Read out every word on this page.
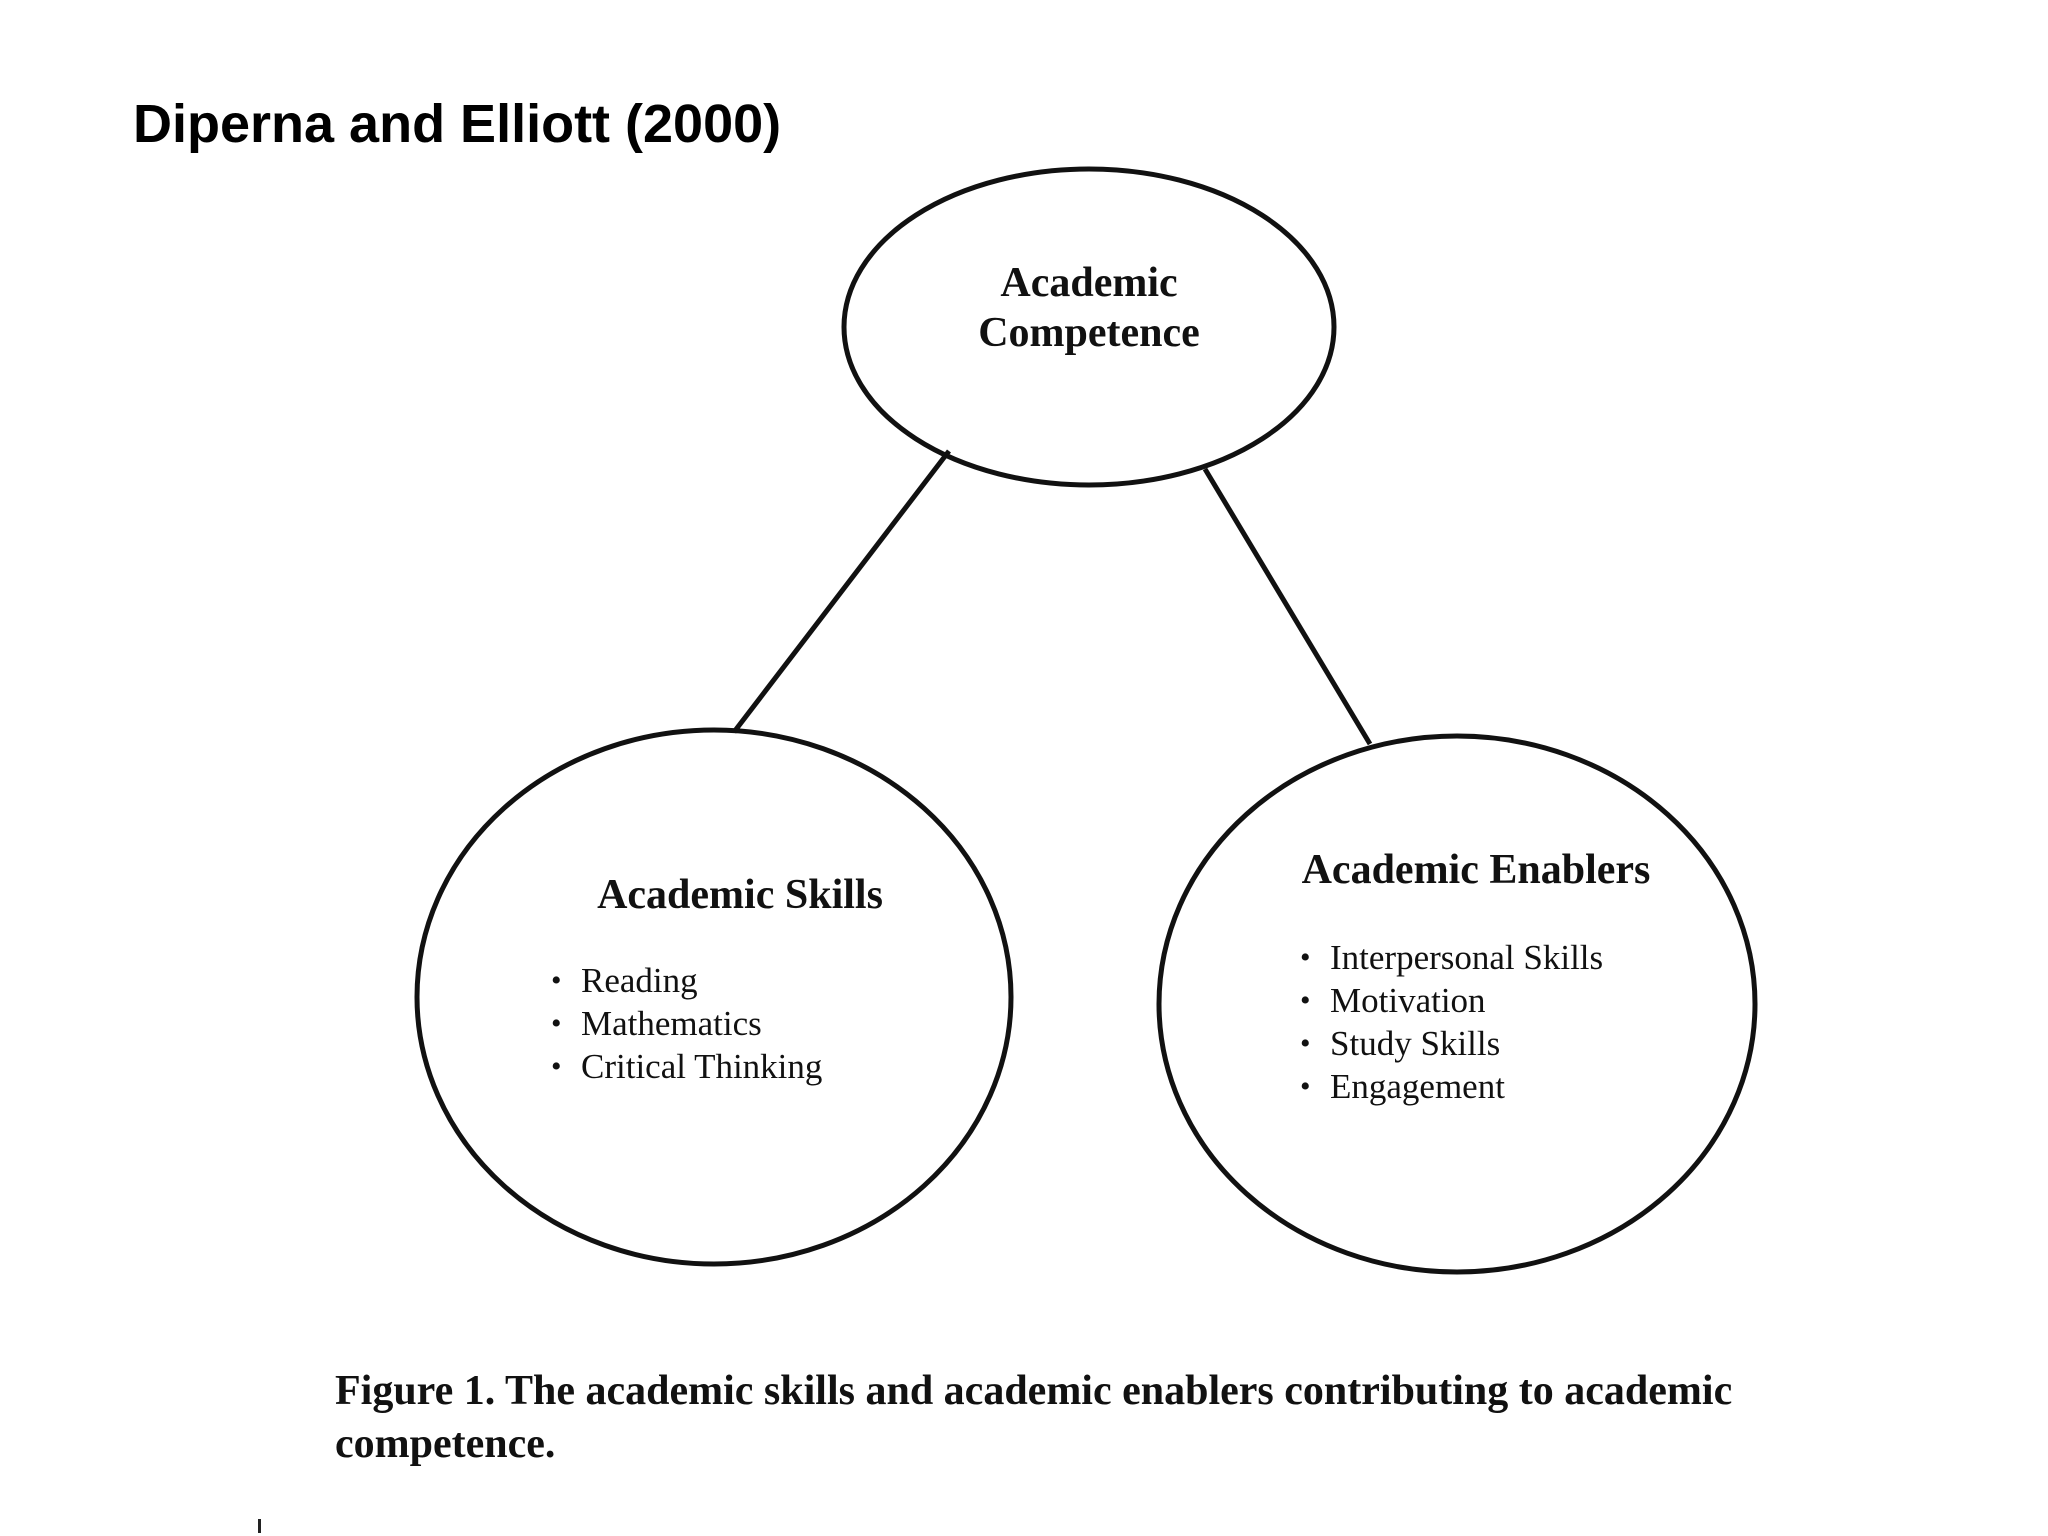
Diperna and Elliott (2000)
Academic
Competence
Academic Skills
• Reading
• Mathematics
• Critical Thinking
Academic Enablers
• Interpersonal Skills
• Motivation
• Study Skills
• Engagement
Figure 1. The academic skills and academic enablers contributing to academic competence.
